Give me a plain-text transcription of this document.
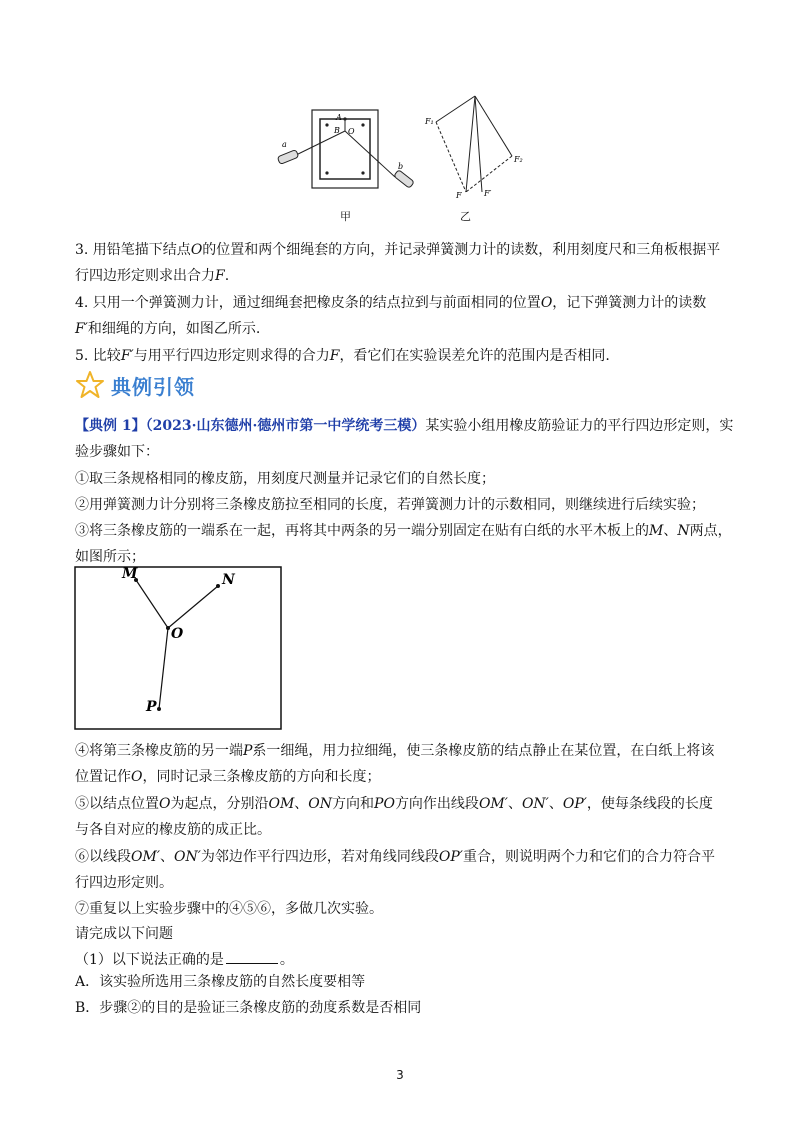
A
B O
a
b
甲
F₁
F₂
F	F′
乙
3. 用铅笔描下结点O的位置和两个细绳套的方向，并记录弹簧测力计的读数，利用刻度尺和三角板根据平
行四边形定则求出合力F.
4. 只用一个弹簧测力计，通过细绳套把橡皮条的结点拉到与前面相同的位置O，记下弹簧测力计的读数
F′和细绳的方向，如图乙所示.
5. 比较F′与用平行四边形定则求得的合力F，看它们在实验误差允许的范围内是否相同.
典例引领
【典例 1】（2023·山东德州·德州市第一中学统考三模）某实验小组用橡皮筋验证力的平行四边形定则，实
验步骤如下：
①取三条规格相同的橡皮筋，用刻度尺测量并记录它们的自然长度；
②用弹簧测力计分别将三条橡皮筋拉至相同的长度，若弹簧测力计的示数相同，则继续进行后续实验；
③将三条橡皮筋的一端系在一起，再将其中两条的另一端分别固定在贴有白纸的水平木板上的M、N两点，
如图所示；
M	N
O
P
④将第三条橡皮筋的另一端P系一细绳，用力拉细绳，使三条橡皮筋的结点静止在某位置，在白纸上将该
位置记作O，同时记录三条橡皮筋的方向和长度；
⑤以结点位置O为起点，分别沿OM、ON方向和PO方向作出线段OM′、ON′、OP′，使每条线段的长度
与各自对应的橡皮筋的成正比。
⑥以线段OM′、ON′为邻边作平行四边形，若对角线同线段OP′重合，则说明两个力和它们的合力符合平
行四边形定则。
⑦重复以上实验步骤中的④⑤⑥，多做几次实验。
请完成以下问题
（1）以下说法正确的是	。
A．该实验所选用三条橡皮筋的自然长度要相等
B．步骤②的目的是验证三条橡皮筋的劲度系数是否相同
3
